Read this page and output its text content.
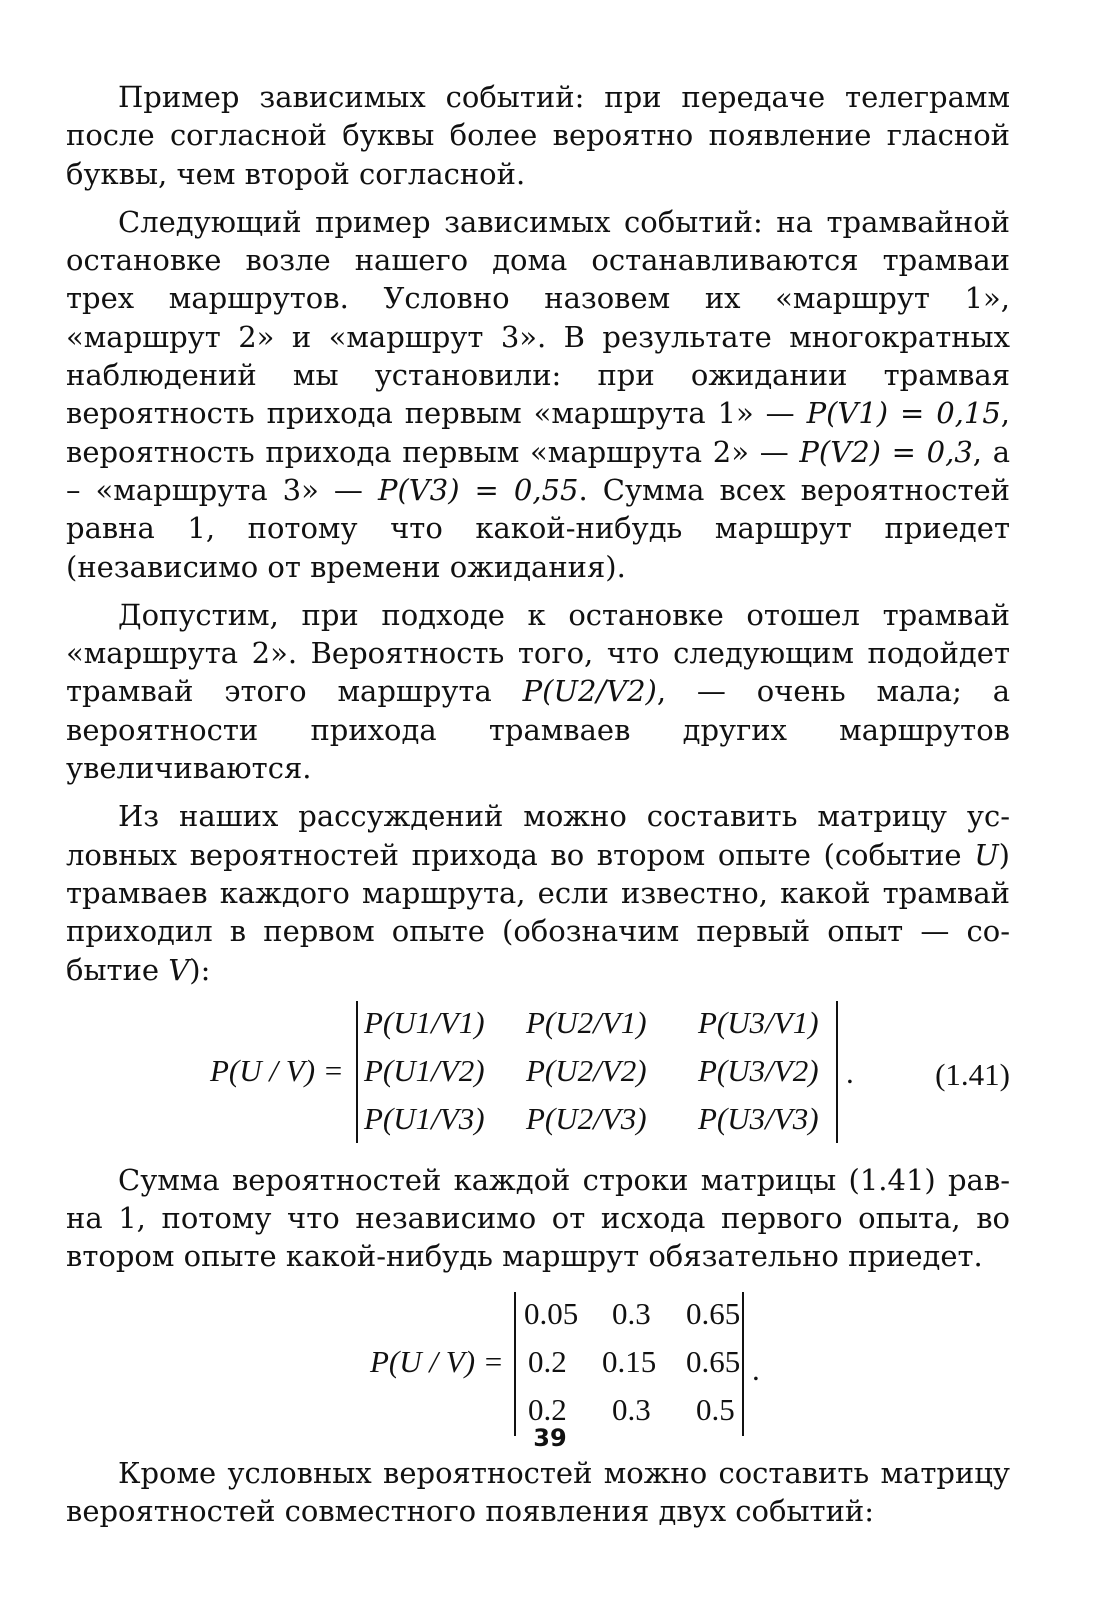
Пример зависимых событий: при передаче телеграмм после согласной буквы более вероятно появление гласной буквы, чем второй согласной.

Следующий пример зависимых событий: на трамвайной остановке возле нашего дома останавливаются трамваи трех маршрутов. Условно назовем их «маршрут 1», «маршрут 2» и «маршрут 3». В результате многократных наблюдений мы установили: при ожидании трамвая вероятность прихода первым «маршрута 1» — P(V1) = 0,15, вероятность прихода первым «маршрута 2» — P(V2) = 0,3, а – «маршрута 3» — P(V3) = 0,55. Сумма всех вероятностей равна 1, потому что какой-нибудь маршрут приедет (независимо от времени ожидания).

Допустим, при подходе к остановке отошел трамвай «маршрута 2». Вероятность того, что следующим подойдет трамвай этого маршрута P(U2/V2), — очень мала; а вероятности прихода трамваев других маршрутов увеличиваются.

Из наших рассуждений можно составить матрицу условных вероятностей прихода во втором опыте (событие U) трамваев каждого маршрута, если известно, какой трамвай приходил в первом опыте (обозначим первый опыт — событие V):

P(U / V) =
P(U1/V1) P(U2/V1) P(U3/V1)
P(U1/V2) P(U2/V2) P(U3/V2)
P(U1/V3) P(U2/V3) P(U3/V3)
.	(1.41)

Сумма вероятностей каждой строки матрицы (1.41) равна 1, потому что независимо от исхода первого опыта, во втором опыте какой-нибудь маршрут обязательно приедет.

P(U / V) =
0.05 0.3 0.65
0.2 0.15 0.65
0.2 0.3 0.5
.

Кроме условных вероятностей можно составить матрицу вероятностей совместного появления двух событий:

39
